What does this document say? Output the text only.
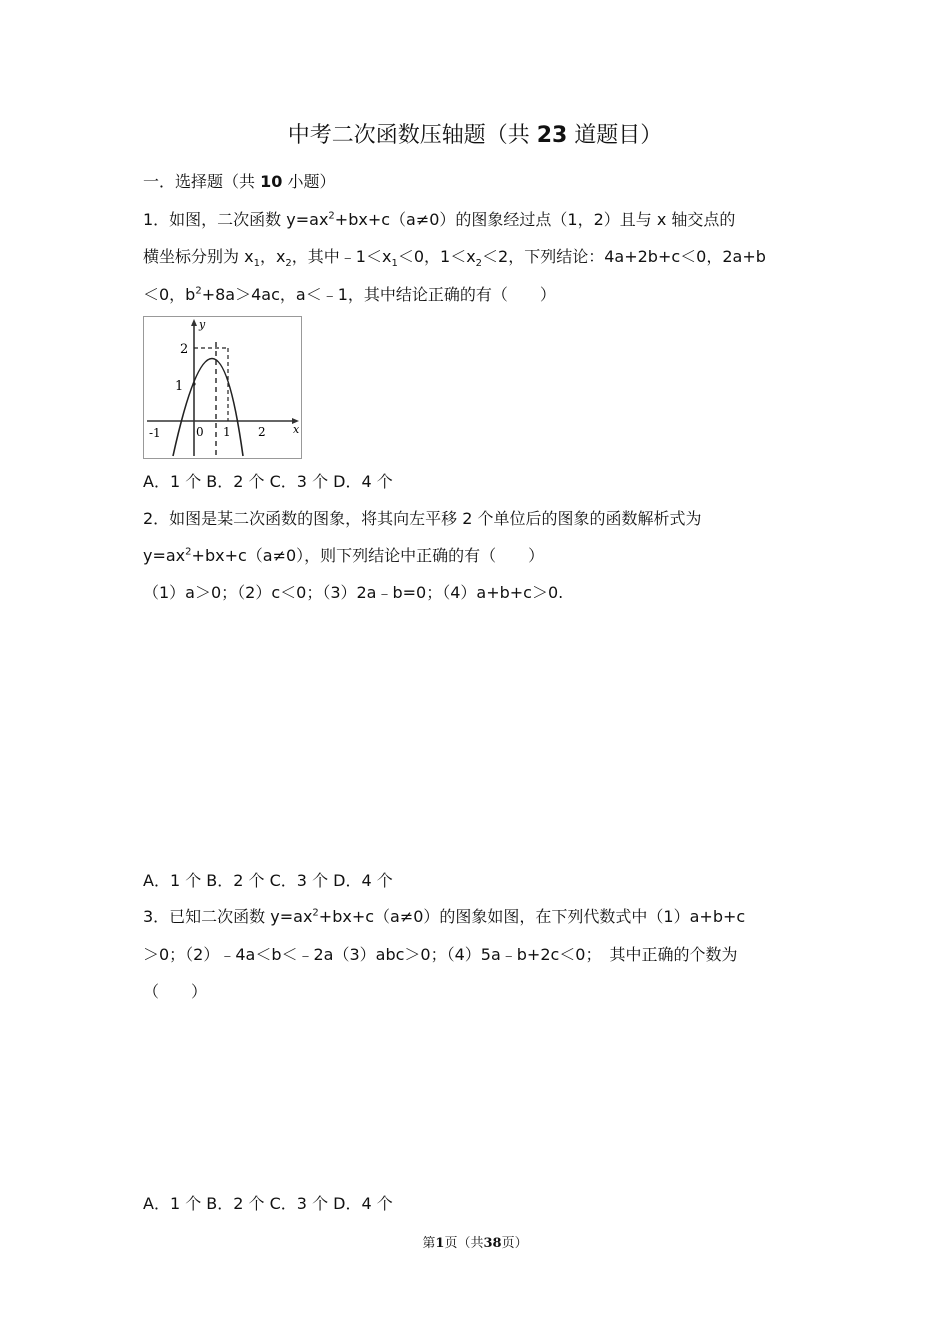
中考二次函数压轴题（共 23 道题目）
一．选择题（共 10 小题）
1．如图，二次函数 $y=ax^2+bx+c(a\ne 0)$的图象经过点（1，2）且与 x 轴交点的
横坐标分别为 $x_1$，$x_2$，其中$﹣1<x_1<0$，$1<x_2<2$，下列结论：4a+2b+c＜0，2a+b
＜0，$b^2+8a>4ac$，a＜﹣1，其中结论正确的有（　　）
2
1
-1	0 1 2 x
y
A．1 个 B．2 个 C．3 个 D．4 个
2．如图是某二次函数的图象，将其向左平移 2 个单位后的图象的函数解析式为
$y=ax^2+bx+c(a\ne 0)$，则下列结论中正确的有（　　）
（1）a＞0；（2）c＜0；（3）2a﹣b=0；（4）a+b+c＞0.
A．1 个 B．2 个 C．3 个 D．4 个
3．已知二次函数 $y=ax^2+bx+c(a\ne 0)$的图象如图，在下列代数式中（1）a+b+c
＞0；（2）﹣4a＜b＜﹣2a（3）abc＞0；（4）5a﹣b+2c＜0；　其中正确的个数为
（　　）
A．1 个 B．2 个 C．3 个 D．4 个
第1页（共38页）
